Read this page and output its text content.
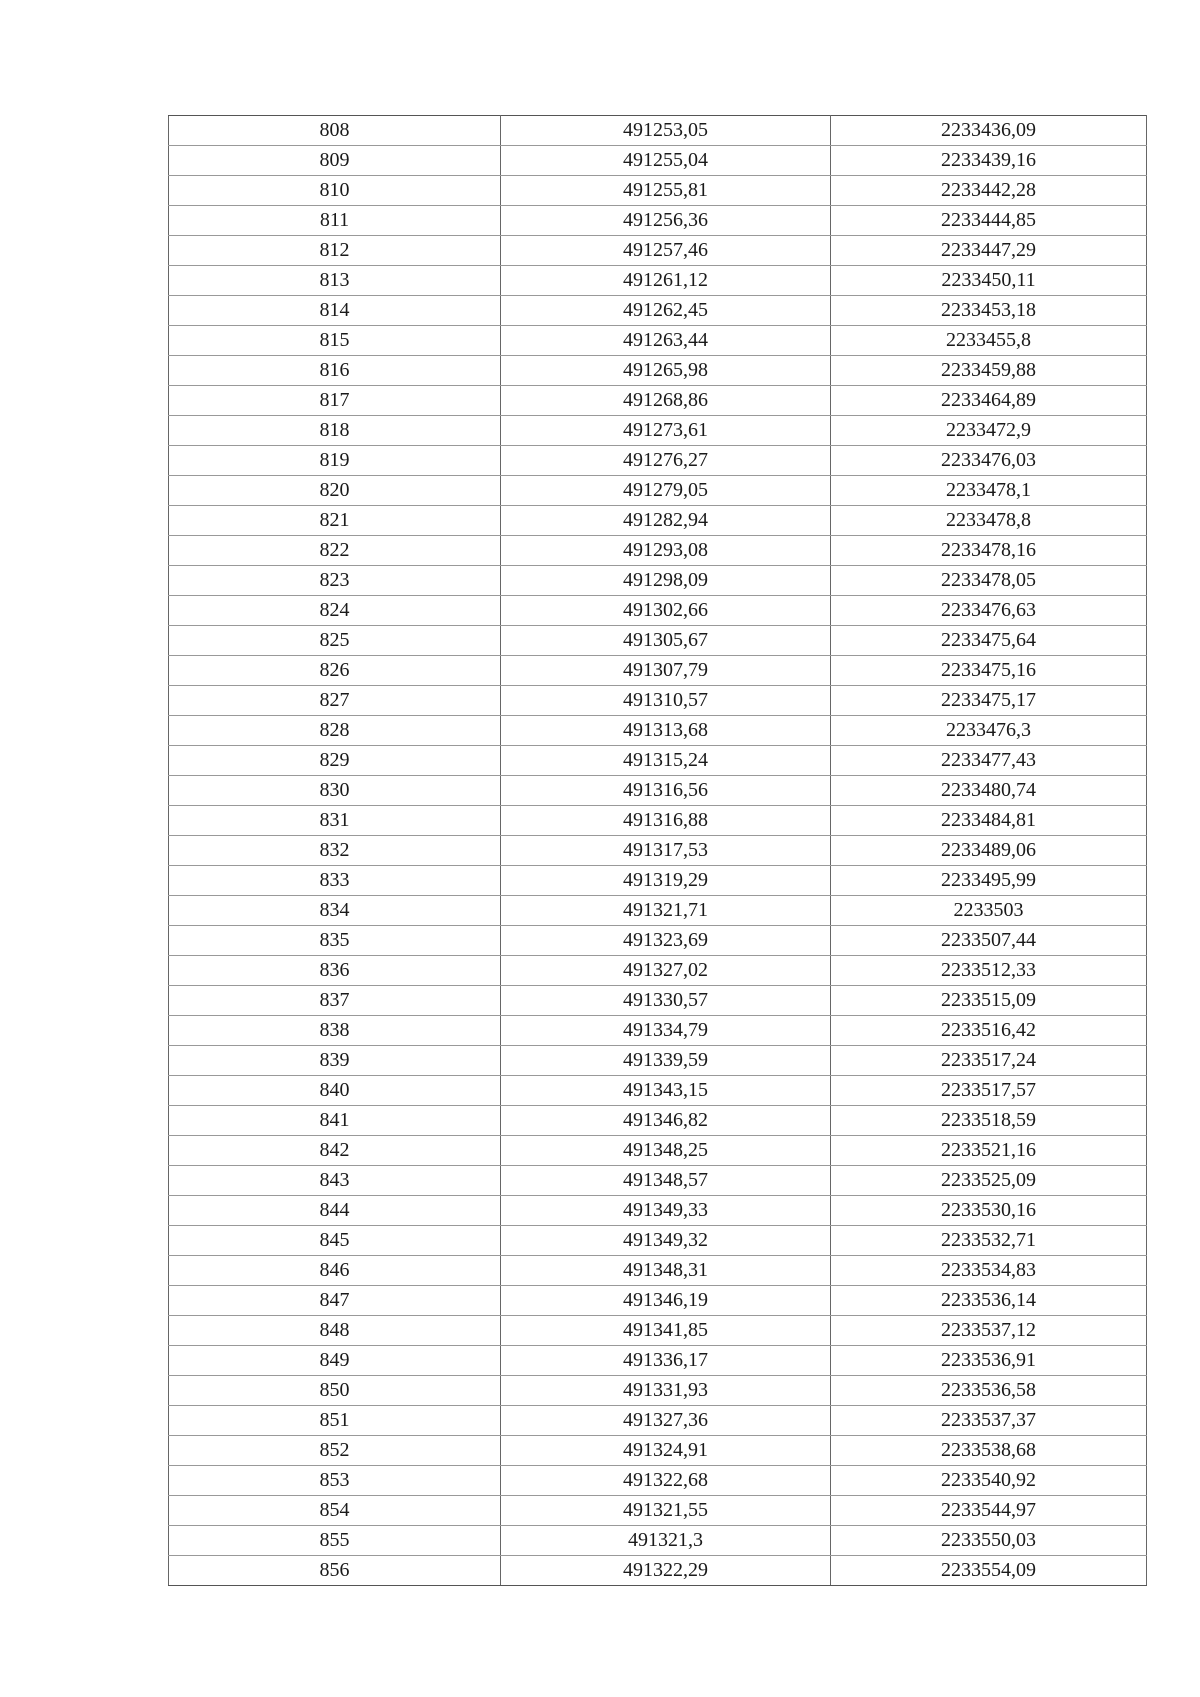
808	491253,05	2233436,09
809	491255,04	2233439,16
810	491255,81	2233442,28
811	491256,36	2233444,85
812	491257,46	2233447,29
813	491261,12	2233450,11
814	491262,45	2233453,18
815	491263,44	2233455,8
816	491265,98	2233459,88
817	491268,86	2233464,89
818	491273,61	2233472,9
819	491276,27	2233476,03
820	491279,05	2233478,1
821	491282,94	2233478,8
822	491293,08	2233478,16
823	491298,09	2233478,05
824	491302,66	2233476,63
825	491305,67	2233475,64
826	491307,79	2233475,16
827	491310,57	2233475,17
828	491313,68	2233476,3
829	491315,24	2233477,43
830	491316,56	2233480,74
831	491316,88	2233484,81
832	491317,53	2233489,06
833	491319,29	2233495,99
834	491321,71	2233503
835	491323,69	2233507,44
836	491327,02	2233512,33
837	491330,57	2233515,09
838	491334,79	2233516,42
839	491339,59	2233517,24
840	491343,15	2233517,57
841	491346,82	2233518,59
842	491348,25	2233521,16
843	491348,57	2233525,09
844	491349,33	2233530,16
845	491349,32	2233532,71
846	491348,31	2233534,83
847	491346,19	2233536,14
848	491341,85	2233537,12
849	491336,17	2233536,91
850	491331,93	2233536,58
851	491327,36	2233537,37
852	491324,91	2233538,68
853	491322,68	2233540,92
854	491321,55	2233544,97
855	491321,3	2233550,03
856	491322,29	2233554,09
